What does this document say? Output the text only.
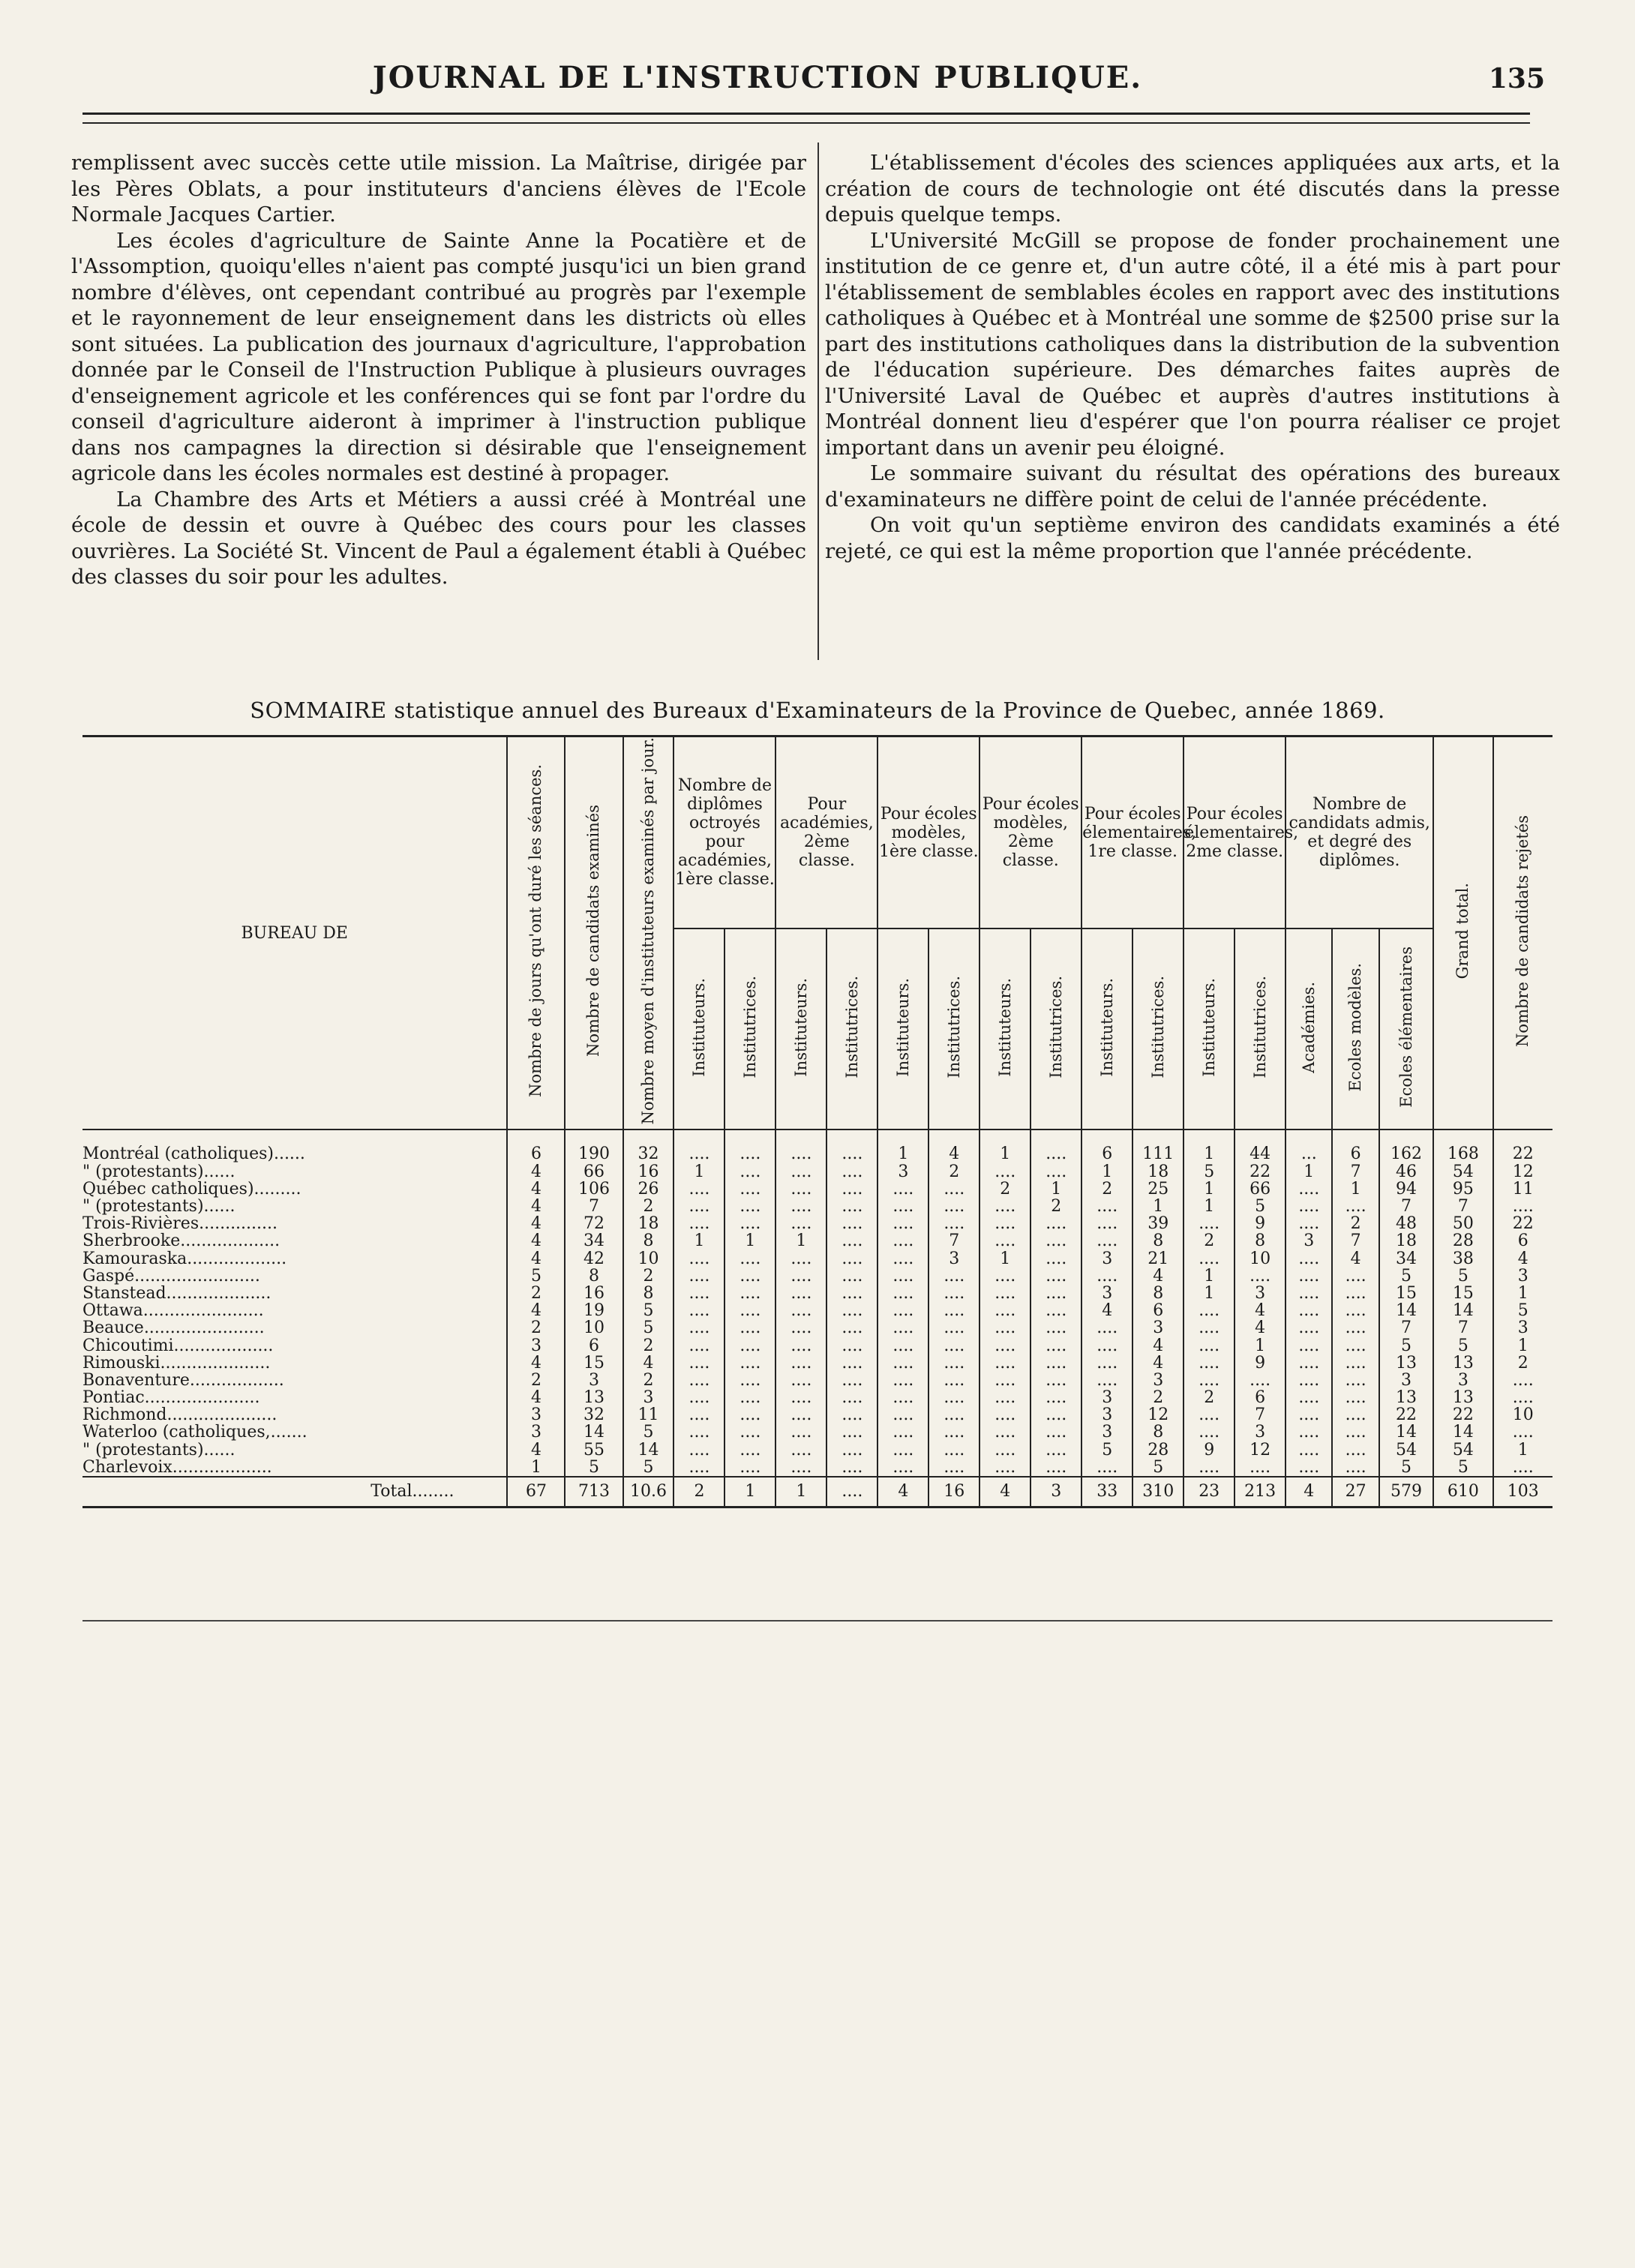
JOURNAL DE L'INSTRUCTION PUBLIQUE.	135

remplissent avec succès cette utile mission. La Maîtrise, dirigée par les Pères Oblats, a pour instituteurs d'anciens élèves de l'Ecole Normale Jacques Cartier.

Les écoles d'agriculture de Sainte Anne la Pocatière et de l'Assomption, quoiqu'elles n'aient pas compté jusqu'ici un bien grand nombre d'élèves, ont cependant contribué au progrès par l'exemple et le rayonnement de leur enseignement dans les districts où elles sont situées. La publication des journaux d'agriculture, l'approbation donnée par le Conseil de l'Instruction Publique à plusieurs ouvrages d'enseignement agricole et les conférences qui se font par l'ordre du conseil d'agriculture aideront à imprimer à l'instruction publique dans nos campagnes la direction si désirable que l'enseignement agricole dans les écoles normales est destiné à propager.

La Chambre des Arts et Métiers a aussi créé à Montréal une école de dessin et ouvre à Québec des cours pour les classes ouvrières. La Société St. Vincent de Paul a également établi à Québec des classes du soir pour les adultes.

L'établissement d'écoles des sciences appliquées aux arts, et la création de cours de technologie ont été discutés dans la presse depuis quelque temps.

L'Université McGill se propose de fonder prochainement une institution de ce genre et, d'un autre côté, il a été mis à part pour l'établissement de semblables écoles en rapport avec des institutions catholiques à Québec et à Montréal une somme de $2500 prise sur la part des institutions catholiques dans la distribution de la subvention de l'éducation supérieure. Des démarches faites auprès de l'Université Laval de Québec et auprès d'autres institutions à Montréal donnent lieu d'espérer que l'on pourra réaliser ce projet important dans un avenir peu éloigné.

Le sommaire suivant du résultat des opérations des bureaux d'examinateurs ne diffère point de celui de l'année précédente.

On voit qu'un septième environ des candidats examinés a été rejeté, ce qui est la même proportion que l'année précédente.

SOMMAIRE statistique annuel des Bureaux d'Examinateurs de la Province de Quebec, année 1869.
BUREAU DE	Nombre de jours qu'ont duré les séances.	Nombre de candidats examinés	Nombre moyen d'instituteurs examinés par jour.	Nombre de diplômes octroyés pour académies, 1ère classe.		Pour académies, 2ème classe.		Pour écoles modèles, 1ère classe.		Pour écoles modèles, 2ème classe.		Pour écoles élementaires, 1re classe.		Pour écoles élementaires, 2me classe.		Nombre de candidats admis, et degré des diplômes.			Grand total.	Nombre de candidats rejetés
				Instituteurs.	Institutrices.	Instituteurs.	Institutrices.	Instituteurs.	Institutrices.	Instituteurs.	Institutrices.	Instituteurs.	Institutrices.	Instituteurs.	Institutrices.	Académies.	Ecoles modèles.	Ecoles élémentaires		
Montréal (catholiques)......	6	190	32	....	....	....	....	1	4	1	....	6	111	1	44	...	6	162	168	22
" (protestants)......	4	66	16	1	....	....	....	3	2	....	....	1	18	5	22	1	7	46	54	12
Québec catholiques).........	4	106	26	....	....	....	....	....	....	2	1	2	25	1	66	....	1	94	95	11
" (protestants)......	4	7	2	....	....	....	....	....	....	....	2	....	1	1	5	....	....	7	7	....
Trois-Rivières...............	4	72	18	....	....	....	....	....	....	....	....	....	39	....	9	....	2	48	50	22
Sherbrooke...................	4	34	8	1	1	1	....	....	7	....	....	....	8	2	8	3	7	18	28	6
Kamouraska...................	4	42	10	....	....	....	....	....	3	1	....	3	21	....	10	....	4	34	38	4
Gaspé........................	5	8	2	....	....	....	....	....	....	....	....	....	4	1	....	....	....	5	5	3
Stanstead....................	2	16	8	....	....	....	....	....	....	....	....	3	8	1	3	....	....	15	15	1
Ottawa.......................	4	19	5	....	....	....	....	....	....	....	....	4	6	....	4	....	....	14	14	5
Beauce.......................	2	10	5	....	....	....	....	....	....	....	....	....	3	....	4	....	....	7	7	3
Chicoutimi...................	3	6	2	....	....	....	....	....	....	....	....	....	4	....	1	....	....	5	5	1
Rimouski.....................	4	15	4	....	....	....	....	....	....	....	....	....	4	....	9	....	....	13	13	2
Bonaventure..................	2	3	2	....	....	....	....	....	....	....	....	....	3	....	....	....	....	3	3	....
Pontiac......................	4	13	3	....	....	....	....	....	....	....	....	3	2	2	6	....	....	13	13	....
Richmond.....................	3	32	11	....	....	....	....	....	....	....	....	3	12	....	7	....	....	22	22	10
Waterloo (catholiques,.......	3	14	5	....	....	....	....	....	....	....	....	3	8	....	3	....	....	14	14	....
" (protestants)......	4	55	14	....	....	....	....	....	....	....	....	5	28	9	12	....	....	54	54	1
Charlevoix...................	1	5	5	....	....	....	....	....	....	....	....	....	5	....	....	....	....	5	5	....
Total........	67	713	10.6	2	1	1	....	4	16	4	3	33	310	23	213	4	27	579	610	103
